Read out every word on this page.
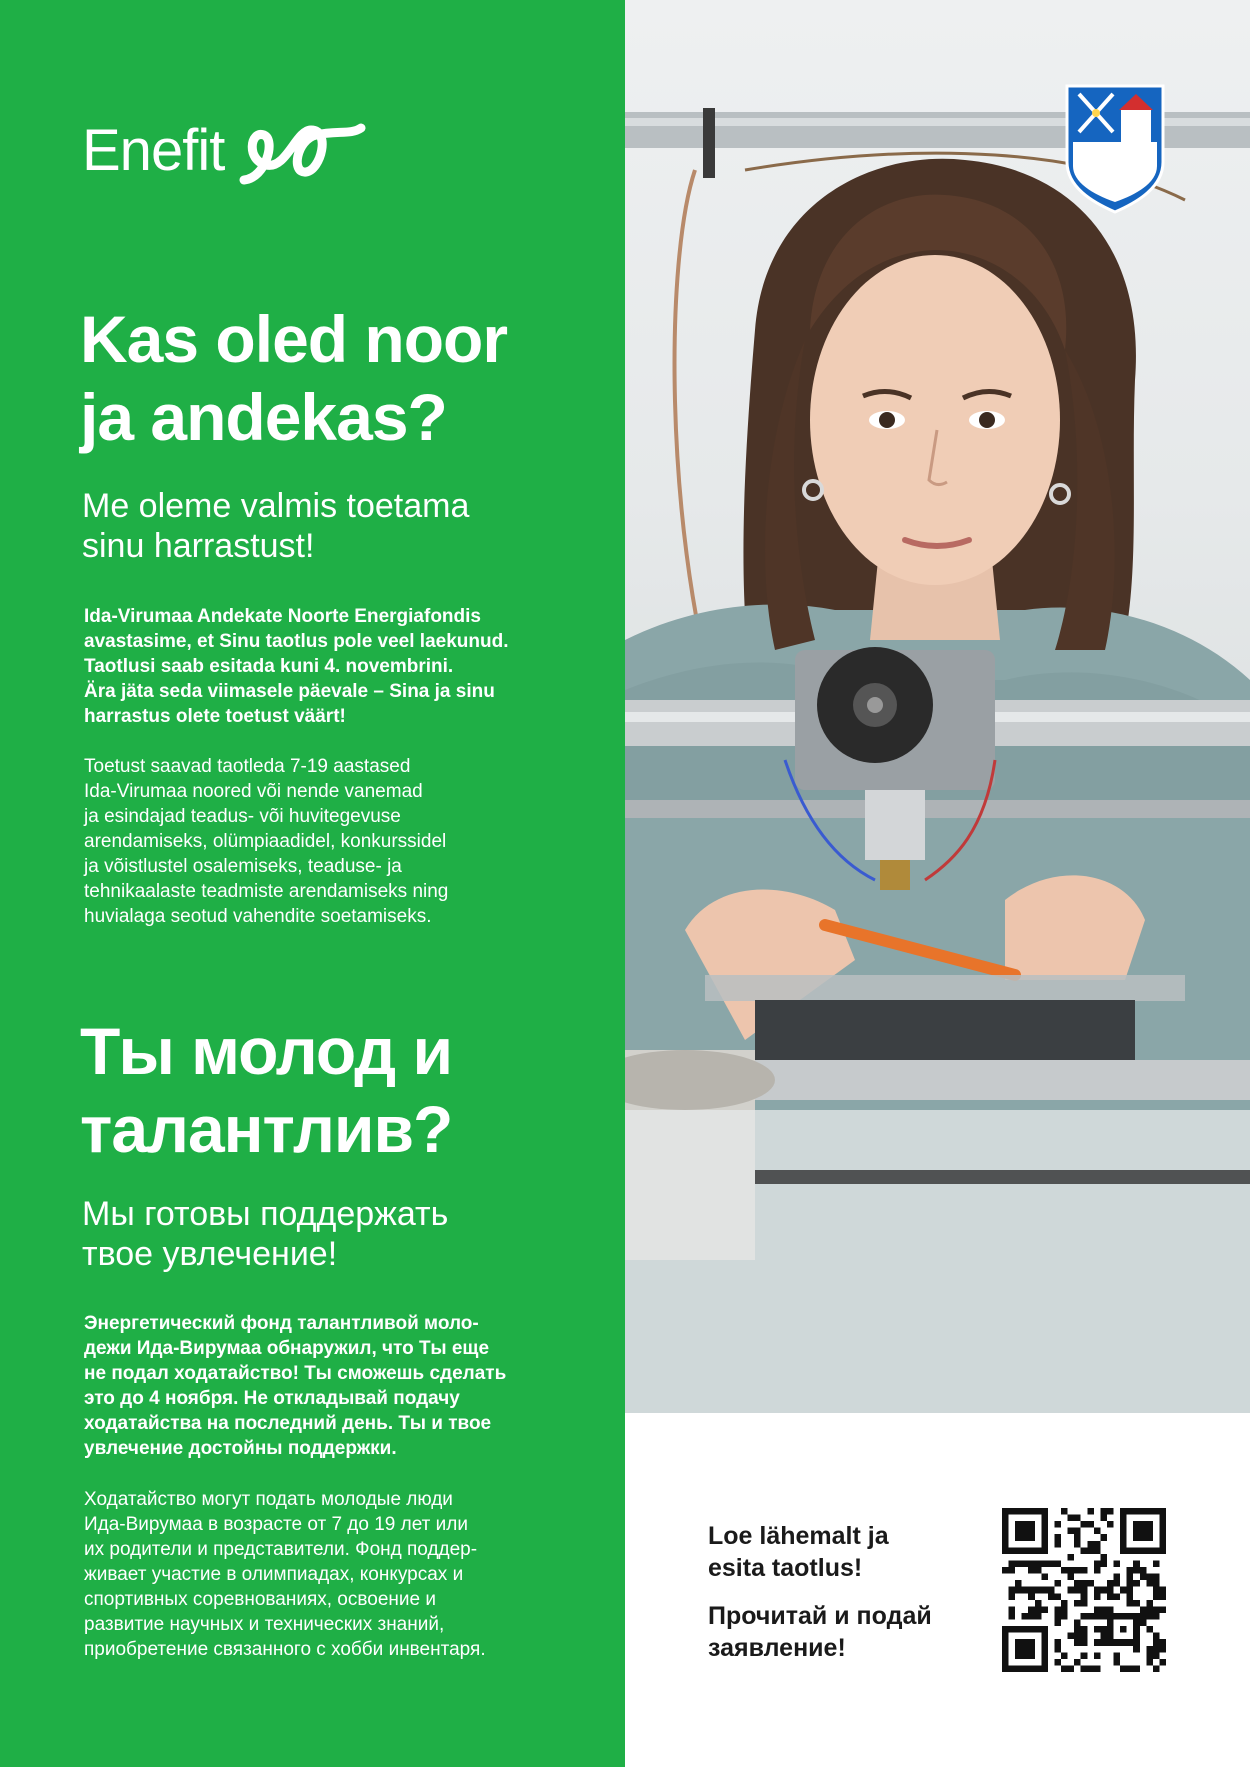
Enefit
Kas oled noor
ja andekas?
Me oleme valmis toetama
sinu harrastust!
Ida-Virumaa Andekate Noorte Energiafondis
avastasime, et Sinu taotlus pole veel laekunud.
Taotlusi saab esitada kuni 4. novembrini.
Ära jäta seda viimasele päevale – Sina ja sinu
harrastus olete toetust väärt!
Toetust saavad taotleda 7-19 aastased
Ida-Virumaa noored või nende vanemad
ja esindajad teadus- või huvitegevuse
arendamiseks, olümpiaadidel, konkurssidel
ja võistlustel osalemiseks, teaduse- ja
tehnikaalaste teadmiste arendamiseks ning
huvialaga seotud vahendite soetamiseks.
Ты молод и
талантлив?
Мы готовы поддержать
твое увлечение!
Энергетический фонд талантливой моло-
дежи Ида-Вирумаа обнаружил, что Ты еще
не подал ходатайство! Ты сможешь сделать
это до 4 ноября. Не откладывай подачу
ходатайства на последний день. Ты и твое
увлечение достойны поддержки.
Ходатайство могут подать молодые люди
Ида-Вирумаа в возрасте от 7 до 19 лет или
их родители и представители. Фонд поддер-
живает участие в олимпиадах, конкурсах и
спортивных соревнованиях, освоение и
развитие научных и технических знаний,
приобретение связанного с хобби инвентаря.
Loe lähemalt ja
esita taotlus!
Прочитай и подай
заявление!
